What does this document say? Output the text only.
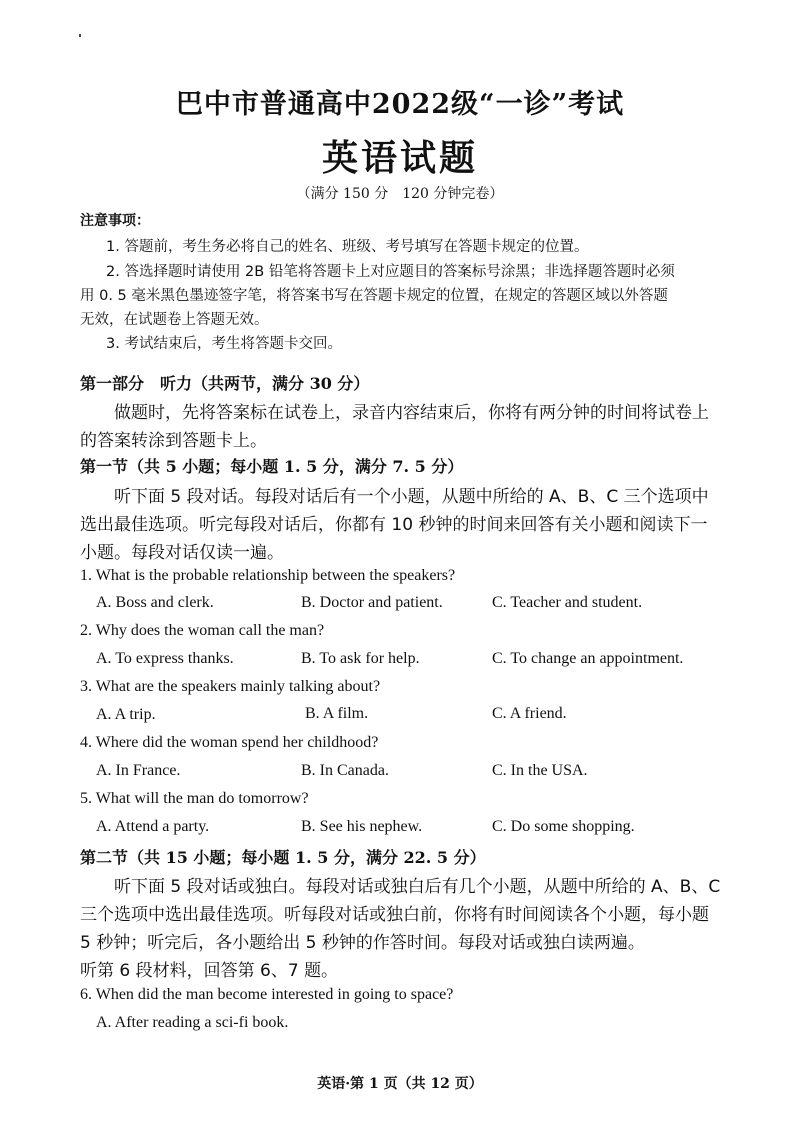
巴中市普通高中2022级“一诊”考试
英语试题
（满分 150 分　120 分钟完卷）
注意事项：
1. 答题前，考生务必将自己的姓名、班级、考号填写在答题卡规定的位置。
2. 答选择题时请使用 2B 铅笔将答题卡上对应题目的答案标号涂黑；非选择题答题时必须
用 0. 5 毫米黑色墨迹签字笔，将答案书写在答题卡规定的位置，在规定的答题区域以外答题
无效，在试题卷上答题无效。
3. 考试结束后，考生将答题卡交回。
第一部分　听力（共两节，满分 30 分）
做题时，先将答案标在试卷上，录音内容结束后，你将有两分钟的时间将试卷上
的答案转涂到答题卡上。
第一节（共 5 小题；每小题 1. 5 分，满分 7. 5 分）
听下面 5 段对话。每段对话后有一个小题，从题中所给的 A、B、C 三个选项中
选出最佳选项。听完每段对话后，你都有 10 秒钟的时间来回答有关小题和阅读下一
小题。每段对话仅读一遍。
1. What is the probable relationship between the speakers?
A. Boss and clerk.	B. Doctor and patient.	C. Teacher and student.
2. Why does the woman call the man?
A. To express thanks.	B. To ask for help.	C. To change an appointment.
3. What are the speakers mainly talking about?
A. A trip.	B. A film.	C. A friend.
4. Where did the woman spend her childhood?
A. In France.	B. In Canada.	C. In the USA.
5. What will the man do tomorrow?
A. Attend a party.	B. See his nephew.	C. Do some shopping.
第二节（共 15 小题；每小题 1. 5 分，满分 22. 5 分）
听下面 5 段对话或独白。每段对话或独白后有几个小题，从题中所给的 A、B、C
三个选项中选出最佳选项。听每段对话或独白前，你将有时间阅读各个小题，每小题
5 秒钟；听完后，各小题给出 5 秒钟的作答时间。每段对话或独白读两遍。
听第 6 段材料，回答第 6、7 题。
6. When did the man become interested in going to space?
A. After reading a sci-fi book.
英语·第 1 页（共 12 页）
